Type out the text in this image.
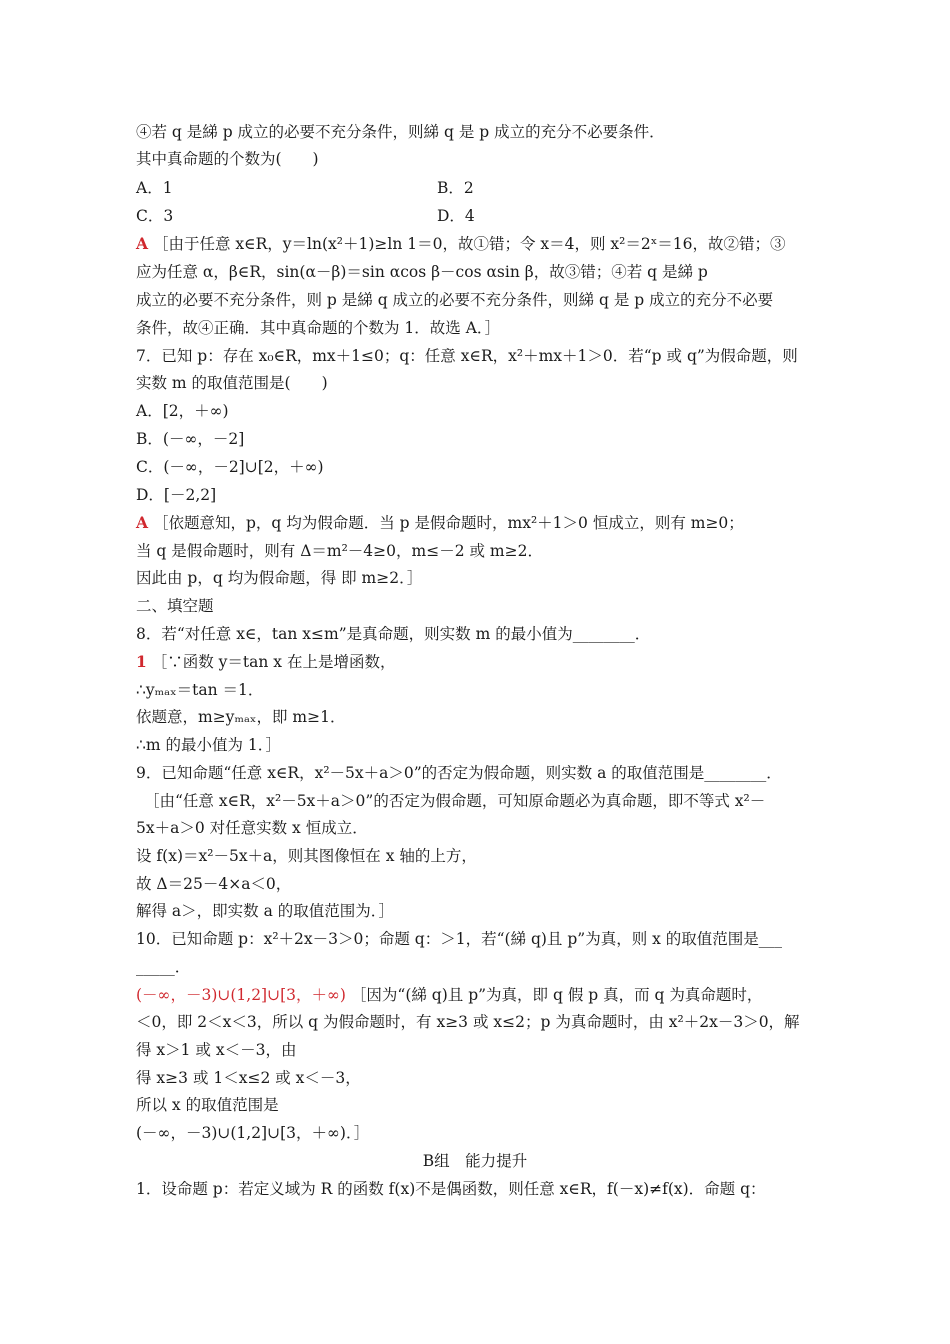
④若 q 是綈 p 成立的必要不充分条件，则綈 q 是 p 成立的充分不必要条件．
其中真命题的个数为(　　)
A．1	B．2
C．3	D．4
A ［由于任意 x∈R，y＝ln(x²＋1)≥ln 1＝0，故①错；令 x＝4，则 x²＝2ˣ＝16，故②错；③
应为任意 α，β∈R，sin(α－β)＝sin αcos β－cos αsin β，故③错；④若 q 是綈 p
成立的必要不充分条件，则 p 是綈 q 成立的必要不充分条件，则綈 q 是 p 成立的充分不必要
条件，故④正确．其中真命题的个数为 1．故选 A．］
7．已知 p：存在 x₀∈R，mx＋1≤0；q：任意 x∈R，x²＋mx＋1＞0．若“p 或 q”为假命题，则
实数 m 的取值范围是(　　)
A．[2，＋∞)
B．(－∞，－2]
C．(－∞，－2]∪[2，＋∞)
D．[－2,2]
A ［依题意知，p，q 均为假命题．当 p 是假命题时，mx²＋1＞0 恒成立，则有 m≥0；
当 q 是假命题时，则有 Δ＝m²－4≥0，m≤－2 或 m≥2．
因此由 p，q 均为假命题，得 即 m≥2．］
二、填空题
8．若“对任意 x∈，tan x≤m”是真命题，则实数 m 的最小值为________．
1 ［∵函数 y＝tan x 在上是增函数，
∴yₘₐₓ＝tan ＝1．
依题意，m≥yₘₐₓ，即 m≥1．
∴m 的最小值为 1．］
9．已知命题“任意 x∈R，x²－5x＋a＞0”的否定为假命题，则实数 a 的取值范围是________．
［由“任意 x∈R，x²－5x＋a＞0”的否定为假命题，可知原命题必为真命题，即不等式 x²－
5x＋a＞0 对任意实数 x 恒成立．
设 f(x)＝x²－5x＋a，则其图像恒在 x 轴的上方，
故 Δ＝25－4×a＜0，
解得 a＞，即实数 a 的取值范围为．］
10．已知命题 p：x²＋2x－3＞0；命题 q：＞1，若“(綈 q)且 p”为真，则 x 的取值范围是___
_____．
(－∞，－3)∪(1,2]∪[3，＋∞) ［因为“(綈 q)且 p”为真，即 q 假 p 真，而 q 为真命题时，
＜0，即 2＜x＜3，所以 q 为假命题时，有 x≥3 或 x≤2；p 为真命题时，由 x²＋2x－3＞0，解
得 x＞1 或 x＜－3，由
得 x≥3 或 1＜x≤2 或 x＜－3，
所以 x 的取值范围是
(－∞，－3)∪(1,2]∪[3，＋∞)．］
B组　能力提升
1．设命题 p：若定义域为 R 的函数 f(x)不是偶函数，则任意 x∈R，f(－x)≠f(x)．命题 q：
